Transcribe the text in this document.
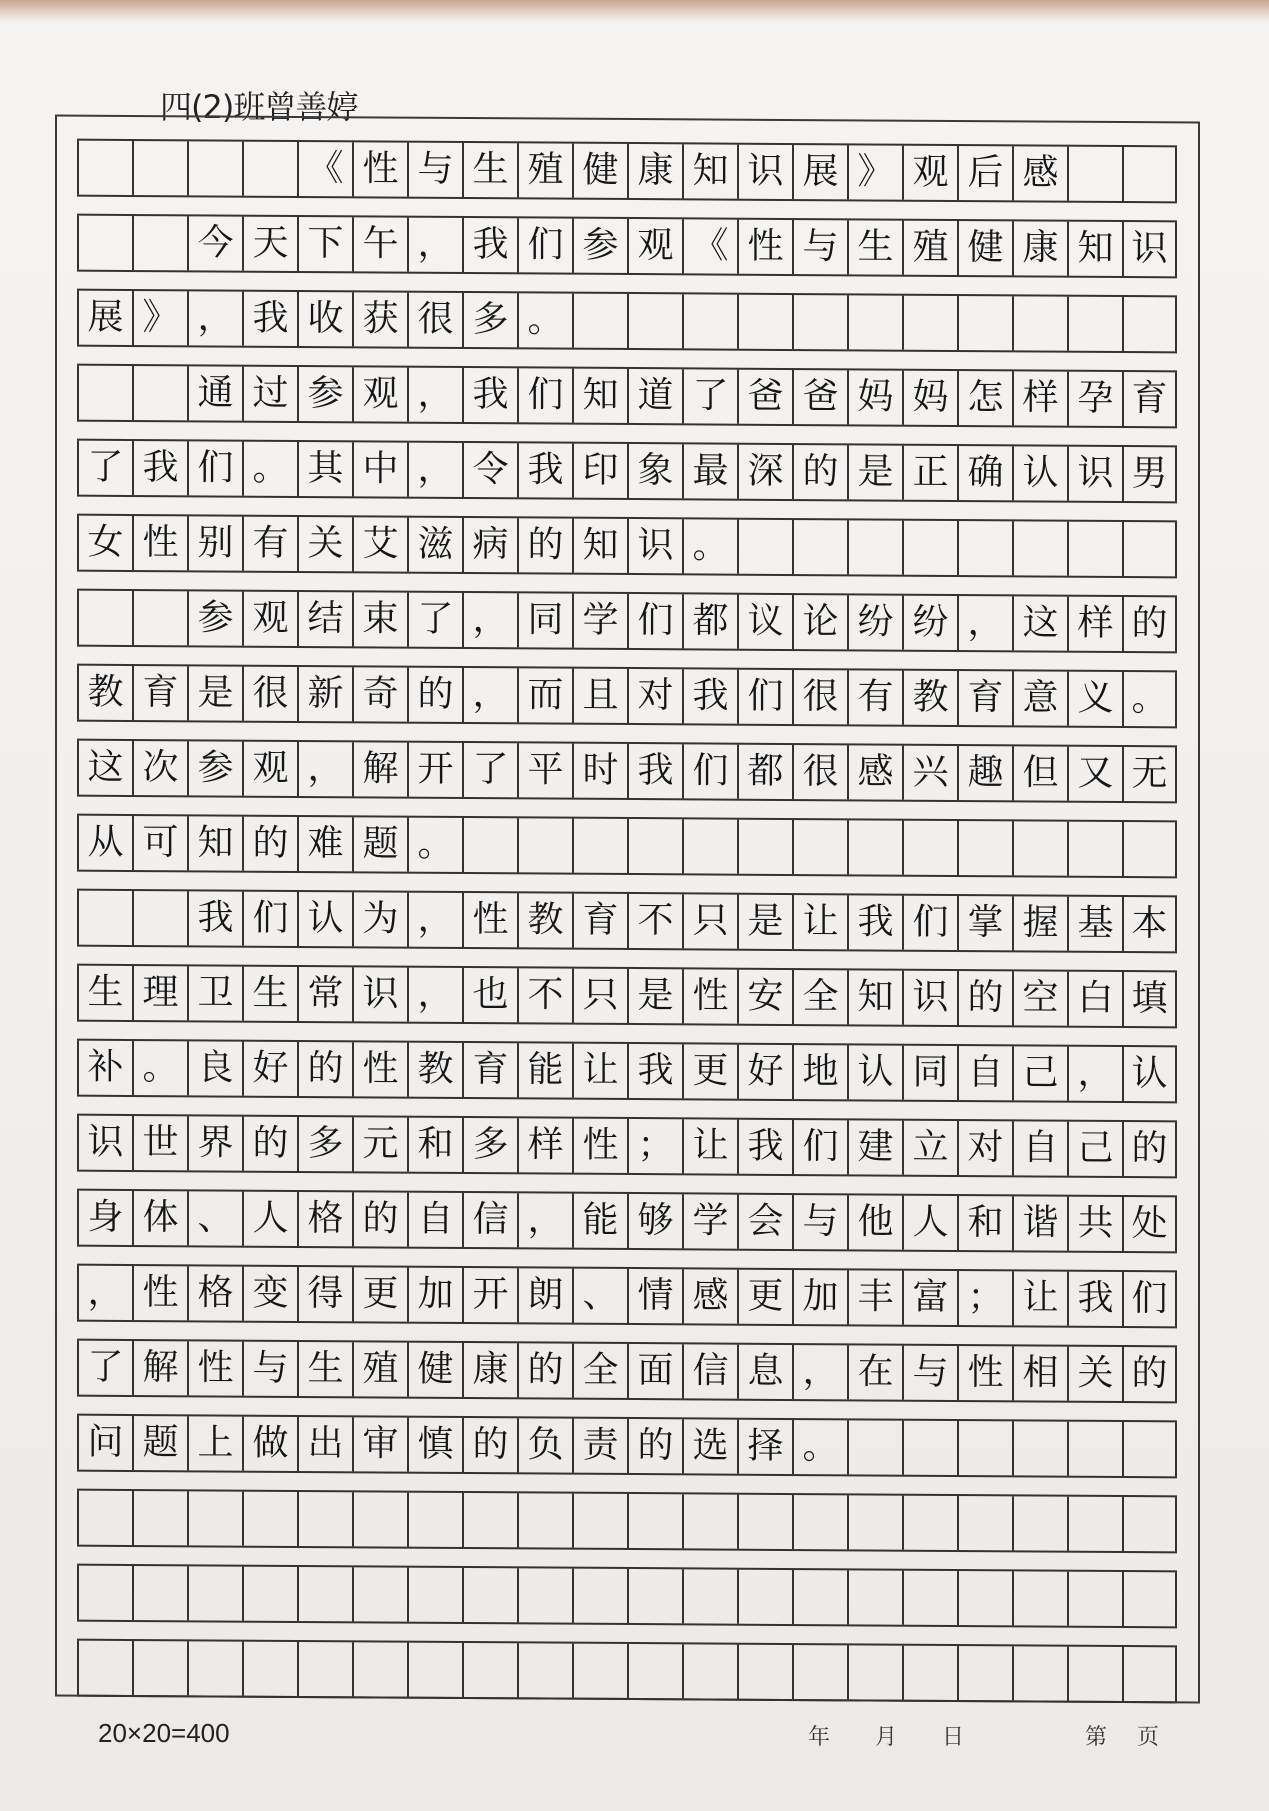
四(2)班曾善婷
《 性 与 生 殖 健 康 知 识 展 》 观 后 感
今 天 下 午 ， 我 们 参 观 《 性 与 生 殖 健 康 知 识
展 》 ， 我 收 获 很 多 。
通 过 参 观 ， 我 们 知 道 了 爸 爸 妈 妈 怎 样 孕 育
了 我 们 。 其 中 ， 令 我 印 象 最 深 的 是 正 确 认 识 男
女 性 别 有 关 艾 滋 病 的 知 识 。
参 观 结 束 了 ， 同 学 们 都 议 论 纷 纷 ， 这 样 的
教 育 是 很 新 奇 的 ， 而 且 对 我 们 很 有 教 育 意 义 。
这 次 参 观 ， 解 开 了 平 时 我 们 都 很 感 兴 趣 但 又 无
从 可 知 的 难 题 。
我 们 认 为 ， 性 教 育 不 只 是 让 我 们 掌 握 基 本
生 理 卫 生 常 识 ， 也 不 只 是 性 安 全 知 识 的 空 白 填
补 。 良 好 的 性 教 育 能 让 我 更 好 地 认 同 自 己 ， 认
识 世 界 的 多 元 和 多 样 性 ； 让 我 们 建 立 对 自 己 的
身 体 、 人 格 的 自 信 ， 能 够 学 会 与 他 人 和 谐 共 处
， 性 格 变 得 更 加 开 朗 、 情 感 更 加 丰 富 ； 让 我 们
了 解 性 与 生 殖 健 康 的 全 面 信 息 ， 在 与 性 相 关 的
问 题 上 做 出 审 慎 的 负 责 的 选 择 。
20×20=400	年 月 日	第 页
